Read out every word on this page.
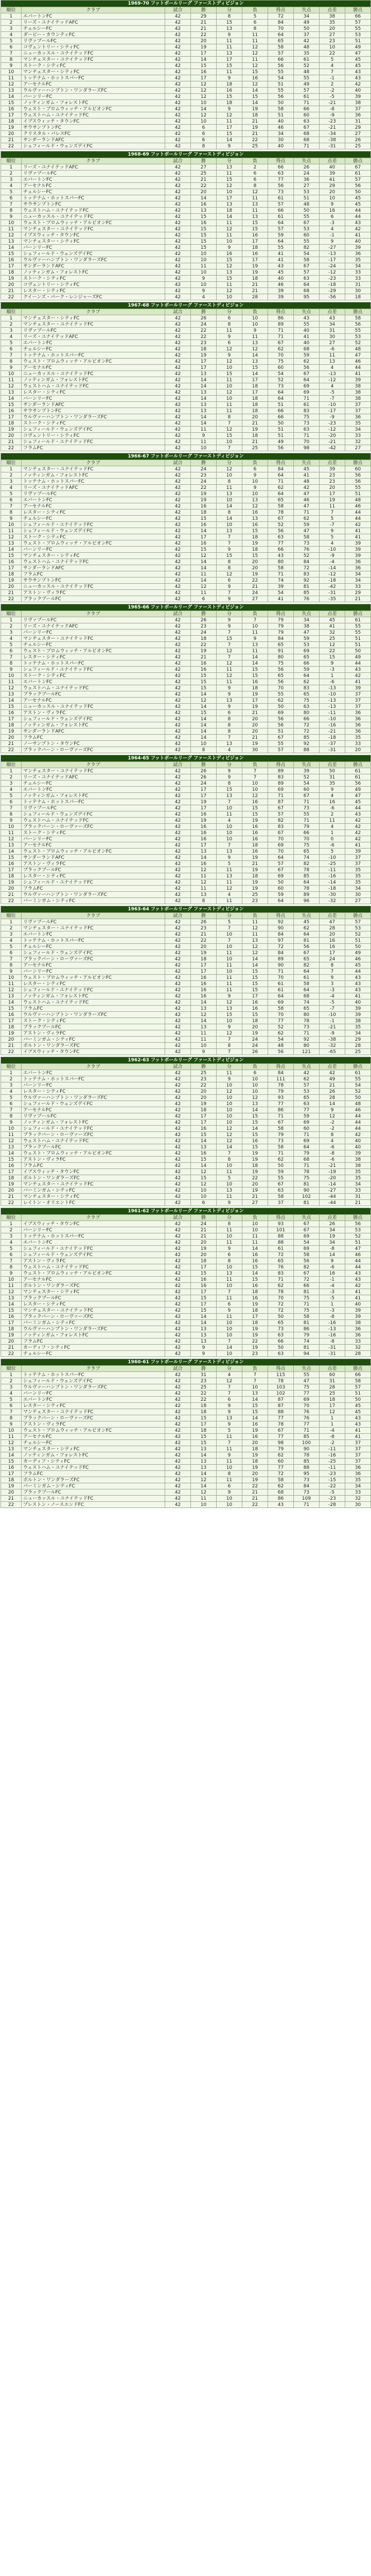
1969-70 フットボールリーグ ファーストディビジョン									
順位	クラブ	試合	勝	分	負	得点	失点	点差	勝点
1	エバートンFC	42	29	8	5	72	34	38	66
2	リーズ・ユナイテッドAFC	42	21	15	6	84	49	35	57
3	チェルシーFC	42	21	13	8	70	50	20	55
4	ダービー・カウンティFC	42	22	9	11	64	37	27	53
5	リヴァプールFC	42	20	11	11	65	42	23	51
6	コヴェントリー・シティFC	42	19	11	12	58	48	10	49
7	ニューカッスル・ユナイテッドFC	42	17	13	12	57	35	22	47
8	マンチェスター・ユナイテッドFC	42	14	17	11	66	61	5	45
9	ストーク・シティFC	42	15	15	12	56	52	4	45
10	マンチェスター・シティFC	42	16	11	15	55	48	7	43
11	トッテナム・ホットスパーFC	42	17	9	16	54	55	-1	43
12	アーセナルFC	42	12	18	12	51	49	2	42
13	ウルヴァーハンプトン・ワンダラーズFC	42	12	16	14	55	57	-2	40
14	バーンリーFC	42	12	15	15	56	61	-5	39
15	ノッティンガム・フォレストFC	42	10	18	14	50	71	-21	38
16	ウェスト・ブロムウィッチ・アルビオンFC	42	14	9	19	58	66	-8	37
17	ウェストハム・ユナイテッドFC	42	12	12	18	51	60	-9	36
18	イプスウィッチ・タウンFC	42	10	11	21	40	63	-23	31
19	サウサンプトンFC	42	6	17	19	46	67	-21	29
20	クリスタル・パレスFC	42	6	15	21	34	68	-34	27
21	サンダーランドAFC	42	6	14	22	30	68	-38	26
22	シェフィールド・ウェンズデイFC	42	8	9	25	40	71	-31	25
1968-69 フットボールリーグ ファーストディビジョン									
順位	クラブ	試合	勝	分	負	得点	失点	点差	勝点
1	リーズ・ユナイテッドAFC	42	27	13	2	66	26	40	67
2	リヴァプールFC	42	25	11	6	63	24	39	61
3	エバートンFC	42	21	15	6	77	36	41	57
4	アーセナルFC	42	22	12	8	56	27	29	56
5	チェルシーFC	42	20	10	12	73	53	20	50
6	トッテナム・ホットスパーFC	42	14	17	11	61	51	10	45
7	サウサンプトンFC	42	16	13	13	57	48	9	45
8	ウェストハム・ユナイテッドFC	42	13	18	11	66	50	16	44
9	ニューカッスル・ユナイテッドFC	42	15	14	13	61	55	6	44
10	ウェスト・ブロムウィッチ・アルビオンFC	42	16	11	15	64	67	-3	43
11	マンチェスター・ユナイテッドFC	42	15	12	15	57	53	4	42
12	イプスウィッチ・タウンFC	42	15	11	16	59	60	-1	41
13	マンチェスター・シティFC	42	15	10	17	64	55	9	40
14	バーンリーFC	42	15	9	18	55	82	-27	39
15	シェフィールド・ウェンズデイFC	42	10	16	16	41	54	-13	36
16	ウルヴァーハンプトン・ワンダラーズFC	42	10	15	17	41	58	-17	35
17	サンダーランドAFC	42	11	12	19	43	67	-24	34
18	ノッティンガム・フォレストFC	42	10	13	19	45	57	-12	33
19	ストーク・シティFC	42	9	15	18	40	63	-23	33
20	コヴェントリー・シティFC	42	10	11	21	46	64	-18	31
21	レスター・シティFC	42	9	12	21	39	68	-29	30
22	クイーンズ・パーク・レンジャーズFC	42	4	10	28	39	95	-56	18
1967-68 フットボールリーグ ファーストディビジョン									
順位	クラブ	試合	勝	分	負	得点	失点	点差	勝点
1	マンチェスター・シティFC	42	26	6	10	86	43	43	58
2	マンチェスター・ユナイテッドFC	42	24	8	10	89	55	34	56
3	リヴァプールFC	42	22	11	9	71	40	31	55
4	リーズ・ユナイテッドAFC	42	22	9	11	71	41	30	53
5	エバートンFC	42	23	6	13	67	40	27	52
6	チェルシーFC	42	18	12	12	62	68	-6	48
7	トッテナム・ホットスパーFC	42	19	9	14	70	59	11	47
8	ウェスト・ブロムウィッチ・アルビオンFC	42	17	12	13	75	62	13	46
9	アーセナルFC	42	17	10	15	60	56	4	44
10	ニューカッスル・ユナイテッドFC	42	13	15	14	54	67	-13	41
11	ノッティンガム・フォレストFC	42	14	11	17	52	64	-12	39
12	ウェストハム・ユナイテッドFC	42	14	10	18	73	69	4	38
13	レスター・シティFC	42	13	12	17	64	69	-5	38
14	バーンリーFC	42	14	10	18	64	71	-7	38
15	サンダーランドAFC	42	13	11	18	51	61	-10	37
16	サウサンプトンFC	42	13	11	18	66	83	-17	37
17	ウルヴァーハンプトン・ワンダラーズFC	42	14	8	20	66	75	-9	36
18	ストーク・シティFC	42	14	7	21	50	73	-23	35
19	シェフィールド・ウェンズデイFC	42	11	12	19	51	63	-12	34
20	コヴェントリー・シティFC	42	9	15	18	51	71	-20	33
21	シェフィールド・ユナイテッドFC	42	11	10	21	49	70	-21	32
22	フラムFC	42	10	7	25	56	98	-42	27
1966-67 フットボールリーグ ファーストディビジョン									
順位	クラブ	試合	勝	分	負	得点	失点	点差	勝点
1	マンチェスター・ユナイテッドFC	42	24	12	6	84	45	39	60
2	ノッティンガム・フォレストFC	42	23	10	9	64	41	23	56
3	トッテナム・ホットスパーFC	42	24	8	10	71	48	23	56
4	リーズ・ユナイテッドAFC	42	22	11	9	62	42	20	55
5	リヴァプールFC	42	19	13	10	64	47	17	51
6	エバートンFC	42	19	10	13	65	46	19	48
7	アーセナルFC	42	16	14	12	58	47	11	46
8	レスター・シティFC	42	18	8	16	78	71	7	44
9	チェルシーFC	42	15	14	13	67	62	5	44
10	シェフィールド・ユナイテッドFC	42	16	10	16	52	59	-7	42
11	シェフィールド・ウェンズデイFC	42	14	13	15	56	47	9	41
12	ストーク・シティFC	42	17	7	18	63	58	5	41
13	ウェスト・ブロムウィッチ・アルビオンFC	42	16	7	19	77	73	4	39
14	バーンリーFC	42	15	9	18	66	76	-10	39
15	マンチェスター・シティFC	42	12	15	15	43	52	-9	39
16	ウェストハム・ユナイテッドFC	42	14	8	20	80	84	-4	36
17	サンダーランドAFC	42	14	8	20	58	72	-14	36
18	フラムFC	42	11	12	19	71	83	-12	34
19	サウサンプトンFC	42	14	6	22	74	92	-18	34
20	ニューカッスル・ユナイテッドFC	42	12	9	21	39	81	-42	33
21	アストン・ヴィラFC	42	11	7	24	54	85	-31	29
22	ブラックプールFC	42	6	9	27	41	76	-35	21
1965-66 フットボールリーグ ファーストディビジョン									
順位	クラブ	試合	勝	分	負	得点	失点	点差	勝点
1	リヴァプールFC	42	26	9	7	79	34	45	61
2	リーズ・ユナイテッドAFC	42	23	9	10	79	38	41	55
3	バーンリーFC	42	24	7	11	79	47	32	55
4	マンチェスター・ユナイテッドFC	42	18	15	9	84	59	25	51
5	チェルシーFC	42	22	7	13	65	53	12	51
6	ウェスト・ブロムウィッチ・アルビオンFC	42	19	12	11	91	69	22	50
7	レスター・シティFC	42	21	7	14	80	65	15	49
8	トッテナム・ホットスパーFC	42	16	12	14	75	66	9	44
9	シェフィールド・ユナイテッドFC	42	16	11	15	56	59	-3	43
10	ストーク・シティFC	42	15	12	15	65	64	1	42
11	エバートンFC	42	15	11	16	56	62	-6	41
12	ウェストハム・ユナイテッドFC	42	15	9	18	70	83	-13	39
13	ブラックプールFC	42	14	9	19	55	65	-10	37
14	アーセナルFC	42	12	13	17	62	75	-13	37
15	ニューカッスル・ユナイテッドFC	42	14	9	19	50	63	-13	37
16	アストン・ヴィラFC	42	15	6	21	69	80	-11	36
17	シェフィールド・ウェンズデイFC	42	14	8	20	56	66	-10	36
18	ノッティンガム・フォレストFC	42	14	8	20	56	72	-16	36
19	サンダーランドAFC	42	14	8	20	51	72	-21	36
20	フラムFC	42	14	7	21	67	85	-18	35
21	ノーサンプトン・タウンFC	42	10	13	19	55	92	-37	33
22	ブラックバーン・ローヴァーズFC	42	8	4	30	57	88	-31	20
1964-65 フットボールリーグ ファーストディビジョン									
順位	クラブ	試合	勝	分	負	得点	失点	点差	勝点
1	マンチェスター・ユナイテッドFC	42	26	9	7	89	39	50	61
2	リーズ・ユナイテッドAFC	42	26	9	7	83	52	31	61
3	チェルシーFC	42	24	8	10	89	54	35	56
4	エバートンFC	42	17	15	10	69	60	9	49
5	ノッティンガム・フォレストFC	42	17	13	12	71	67	4	47
6	トッテナム・ホットスパーFC	42	19	7	16	87	71	16	45
7	リヴァプールFC	42	17	10	15	67	73	-6	44
8	シェフィールド・ウェンズデイFC	42	16	11	15	57	55	2	43
9	ウェストハム・ユナイテッドFC	42	19	4	19	82	71	11	42
10	ブラックバーン・ローヴァーズFC	42	16	10	16	83	79	4	42
11	ストーク・シティFC	42	16	10	16	67	66	1	42
12	バーンリーFC	42	16	10	16	70	70	0	42
13	アーセナルFC	42	17	7	18	69	75	-6	41
14	ウェスト・ブロムウィッチ・アルビオンFC	42	13	13	16	70	65	5	39
15	サンダーランドAFC	42	14	9	19	64	74	-10	37
16	アストン・ヴィラFC	42	16	5	21	57	82	-25	37
17	ブラックプールFC	42	12	11	19	67	78	-11	35
18	レスター・シティFC	42	11	13	18	69	85	-16	35
19	シェフィールド・ユナイテッドFC	42	12	11	19	50	64	-14	35
20	フラムFC	42	11	12	19	60	78	-18	34
21	ウルヴァーハンプトン・ワンダラーズFC	42	13	4	25	59	89	-30	30
22	バーミンガム・シティFC	42	8	11	23	64	96	-32	27
1963-64 フットボールリーグ ファーストディビジョン									
順位	クラブ	試合	勝	分	負	得点	失点	点差	勝点
1	リヴァプールFC	42	26	5	11	92	45	47	57
2	マンチェスター・ユナイテッドFC	42	23	7	12	90	62	28	53
3	エバートンFC	42	21	10	11	84	64	20	52
4	トッテナム・ホットスパーFC	42	22	7	13	97	81	16	51
5	チェルシーFC	42	20	10	12	72	56	16	50
6	シェフィールド・ウェンズデイFC	42	19	11	12	84	67	17	49
7	ブラックバーン・ローヴァーズFC	42	18	10	14	89	65	24	46
8	アーセナルFC	42	17	11	14	90	82	8	45
9	バーンリーFC	42	17	10	15	71	64	7	44
10	ウェスト・ブロムウィッチ・アルビオンFC	42	16	11	15	70	61	9	43
11	レスター・シティFC	42	16	11	15	61	58	3	43
12	シェフィールド・ユナイテッドFC	42	16	11	15	61	64	-3	43
13	ノッティンガム・フォレストFC	42	16	9	17	64	68	-4	41
14	ウェストハム・ユナイテッドFC	42	14	12	16	69	74	-5	40
15	フラムFC	42	13	13	16	58	65	-7	39
16	ウルヴァーハンプトン・ワンダラーズFC	42	12	15	15	70	80	-10	39
17	ストーク・シティFC	42	14	10	18	77	78	-1	38
18	ブラックプールFC	42	13	9	20	52	73	-21	35
19	アストン・ヴィラFC	42	11	12	19	62	71	-9	34
20	バーミンガム・シティFC	42	11	7	24	54	92	-38	29
21	ボルトン・ワンダラーズFC	42	10	8	24	48	80	-32	28
22	イプスウィッチ・タウンFC	42	9	7	26	56	121	-65	25
1962-63 フットボールリーグ ファーストディビジョン									
順位	クラブ	試合	勝	分	負	得点	失点	点差	勝点
1	エバートンFC	42	25	11	6	84	42	42	61
2	トッテナム・ホットスパーFC	42	23	9	10	111	62	49	55
3	バーンリーFC	42	22	10	10	78	57	21	54
4	レスター・シティFC	42	20	12	10	79	53	26	52
5	ウルヴァーハンプトン・ワンダラーズFC	42	20	10	12	93	65	28	50
6	シェフィールド・ウェンズデイFC	42	19	10	13	77	63	14	48
7	アーセナルFC	42	18	10	14	86	77	9	46
8	リヴァプールFC	42	17	10	15	71	59	12	44
9	ノッティンガム・フォレストFC	42	17	10	15	67	69	-2	44
10	シェフィールド・ユナイテッドFC	42	16	12	14	58	60	-2	44
11	ブラックバーン・ローヴァーズFC	42	15	12	15	79	71	8	42
12	ウェストハム・ユナイテッドFC	42	14	12	16	73	69	4	40
13	ブラックプールFC	42	13	14	15	58	64	-6	40
14	ウェスト・ブロムウィッチ・アルビオンFC	42	16	7	19	71	79	-8	39
15	アストン・ヴィラFC	42	15	8	19	62	68	-6	38
16	フラムFC	42	14	10	18	50	71	-21	38
17	イプスウィッチ・タウンFC	42	12	11	19	59	78	-19	35
18	ボルトン・ワンダラーズFC	42	15	5	22	55	75	-20	35
19	マンチェスター・ユナイテッドFC	42	12	10	20	67	81	-14	34
20	バーミンガム・シティFC	42	10	13	19	63	90	-27	33
21	マンチェスター・シティFC	42	10	11	21	58	102	-44	31
22	レイトン・オリエントFC	42	6	9	27	37	81	-44	21
1961-62 フットボールリーグ ファーストディビジョン									
順位	クラブ	試合	勝	分	負	得点	失点	点差	勝点
1	イプスウィッチ・タウンFC	42	24	8	10	93	67	26	56
2	バーンリーFC	42	21	11	10	101	67	34	53
3	トッテナム・ホットスパーFC	42	21	10	11	88	69	19	52
4	エバートンFC	42	20	11	11	88	54	34	51
5	シェフィールド・ユナイテッドFC	42	19	9	14	61	69	-8	47
6	シェフィールド・ウェンズデイFC	42	20	6	16	72	58	14	46
7	アストン・ヴィラFC	42	18	8	16	65	56	9	44
8	ウェストハム・ユナイテッドFC	42	17	10	15	76	82	-6	44
9	ウェスト・ブロムウィッチ・アルビオンFC	42	15	13	14	83	67	16	43
10	アーセナルFC	42	16	11	15	71	72	-1	43
11	ボルトン・ワンダラーズFC	42	16	10	16	62	66	-4	42
12	マンチェスター・シティFC	42	17	7	18	78	81	-3	41
13	ブラックプールFC	42	15	11	16	70	75	-5	41
14	レスター・シティFC	42	17	6	19	72	71	1	40
15	マンチェスター・ユナイテッドFC	42	15	9	18	72	75	-3	39
16	ブラックバーン・ローヴァーズFC	42	14	11	17	50	58	-8	39
17	バーミンガム・シティFC	42	14	10	18	65	81	-16	38
18	ウルヴァーハンプトン・ワンダラーズFC	42	13	10	19	73	86	-13	36
19	ノッティンガム・フォレストFC	42	13	10	19	63	79	-16	36
20	フラムFC	42	13	7	22	66	74	-8	33
21	カーディフ・シティFC	42	9	14	19	50	81	-31	32
22	チェルシーFC	42	9	10	23	63	94	-31	28
1960-61 フットボールリーグ ファーストディビジョン									
順位	クラブ	試合	勝	分	負	得点	失点	点差	勝点
1	トッテナム・ホットスパーFC	42	31	4	7	115	55	60	66
2	シェフィールド・ウェンズデイFC	42	23	12	7	78	47	31	58
3	ウルヴァーハンプトン・ワンダラーズFC	42	25	7	10	103	75	28	57
4	バーンリーFC	42	22	7	13	102	77	25	51
5	エバートンFC	42	22	6	14	87	69	18	50
6	レスター・シティFC	42	18	9	15	87	70	17	45
7	マンチェスター・ユナイテッドFC	42	18	9	15	88	76	12	45
8	ブラックバーン・ローヴァーズFC	42	15	13	14	77	76	1	43
9	アストン・ヴィラFC	42	17	9	16	78	77	1	43
10	ウェスト・ブロムウィッチ・アルビオンFC	42	18	5	19	67	71	-4	41
11	アーセナルFC	42	15	11	16	77	85	-8	41
12	チェルシーFC	42	15	7	20	98	100	-2	37
13	マンチェスター・シティFC	42	13	11	18	79	90	-11	37
14	ノッティンガム・フォレストFC	42	14	9	19	62	78	-16	37
15	カーディフ・シティFC	42	13	11	18	60	85	-25	37
16	ウェストハム・ユナイテッドFC	42	13	10	19	77	88	-11	36
17	フラムFC	42	14	8	20	72	95	-23	36
18	ボルトン・ワンダラーズFC	42	12	11	19	58	73	-15	35
19	バーミンガム・シティFC	42	14	6	22	62	84	-22	34
20	ブラックプールFC	42	12	9	21	68	73	-5	33
21	ニューカッスル・ユナイテッドFC	42	11	10	21	86	109	-23	32
22	プレストン・ノースエンドFC	42	10	10	22	43	71	-28	30
